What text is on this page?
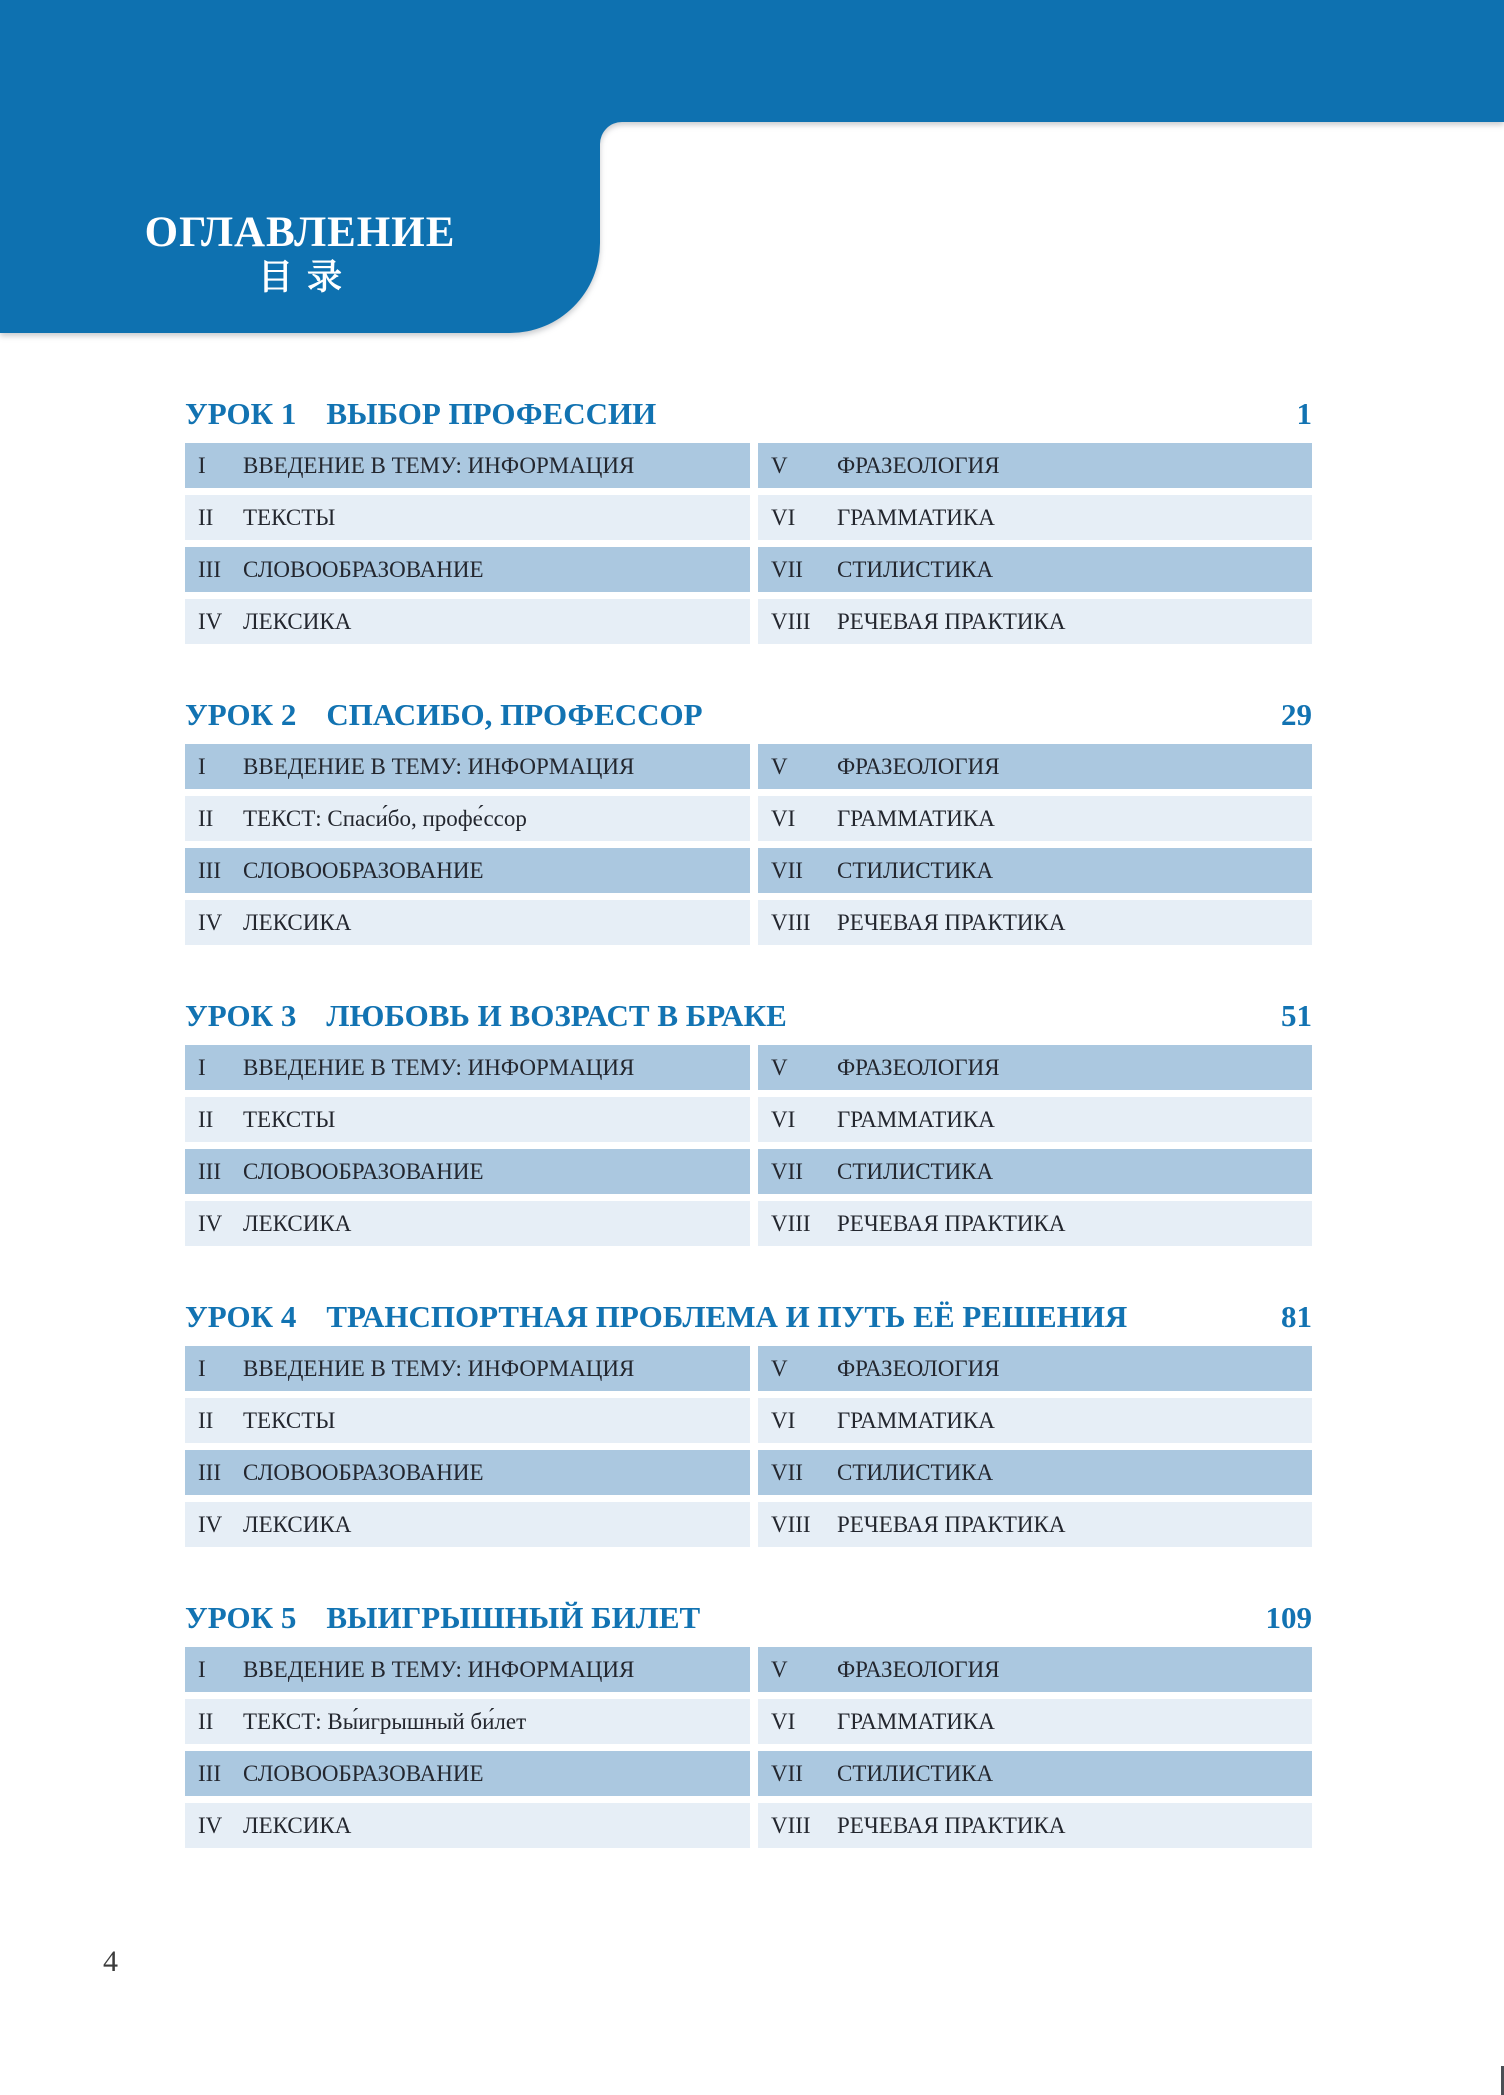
ОГЛАВЛЕНИЕ
目录
УРОК 1 ВЫБОР ПРОФЕССИИ	1
I	ВВЕДЕНИЕ В ТЕМУ: ИНФОРМАЦИЯ	V	ФРАЗЕОЛОГИЯ
II	ТЕКСТЫ	VI	ГРАММАТИКА
III СЛОВООБРАЗОВАНИЕ	VII	СТИЛИСТИКА
IV ЛЕКСИКА	VIII	РЕЧЕВАЯ ПРАКТИКА
УРОК 2 СПАСИБО, ПРОФЕССОР	29
I	ВВЕДЕНИЕ В ТЕМУ: ИНФОРМАЦИЯ	V	ФРАЗЕОЛОГИЯ
II	ТЕКСТ: Спаси́бо, профе́ссор	VI	ГРАММАТИКА
III СЛОВООБРАЗОВАНИЕ	VII	СТИЛИСТИКА
IV ЛЕКСИКА	VIII	РЕЧЕВАЯ ПРАКТИКА
УРОК 3 ЛЮБОВЬ И ВОЗРАСТ В БРАКЕ	51
I	ВВЕДЕНИЕ В ТЕМУ: ИНФОРМАЦИЯ	V	ФРАЗЕОЛОГИЯ
II	ТЕКСТЫ	VI	ГРАММАТИКА
III СЛОВООБРАЗОВАНИЕ	VII	СТИЛИСТИКА
IV ЛЕКСИКА	VIII	РЕЧЕВАЯ ПРАКТИКА
УРОК 4 ТРАНСПОРТНАЯ ПРОБЛЕМА И ПУТЬ ЕЁ РЕШЕНИЯ	81
I	ВВЕДЕНИЕ В ТЕМУ: ИНФОРМАЦИЯ	V	ФРАЗЕОЛОГИЯ
II	ТЕКСТЫ	VI	ГРАММАТИКА
III СЛОВООБРАЗОВАНИЕ	VII	СТИЛИСТИКА
IV ЛЕКСИКА	VIII	РЕЧЕВАЯ ПРАКТИКА
УРОК 5 ВЫИГРЫШНЫЙ БИЛЕТ	109
I	ВВЕДЕНИЕ В ТЕМУ: ИНФОРМАЦИЯ	V	ФРАЗЕОЛОГИЯ
II	ТЕКСТ: Вы́игрышный би́лет	VI	ГРАММАТИКА
III СЛОВООБРАЗОВАНИЕ	VII	СТИЛИСТИКА
IV ЛЕКСИКА	VIII	РЕЧЕВАЯ ПРАКТИКА
4
